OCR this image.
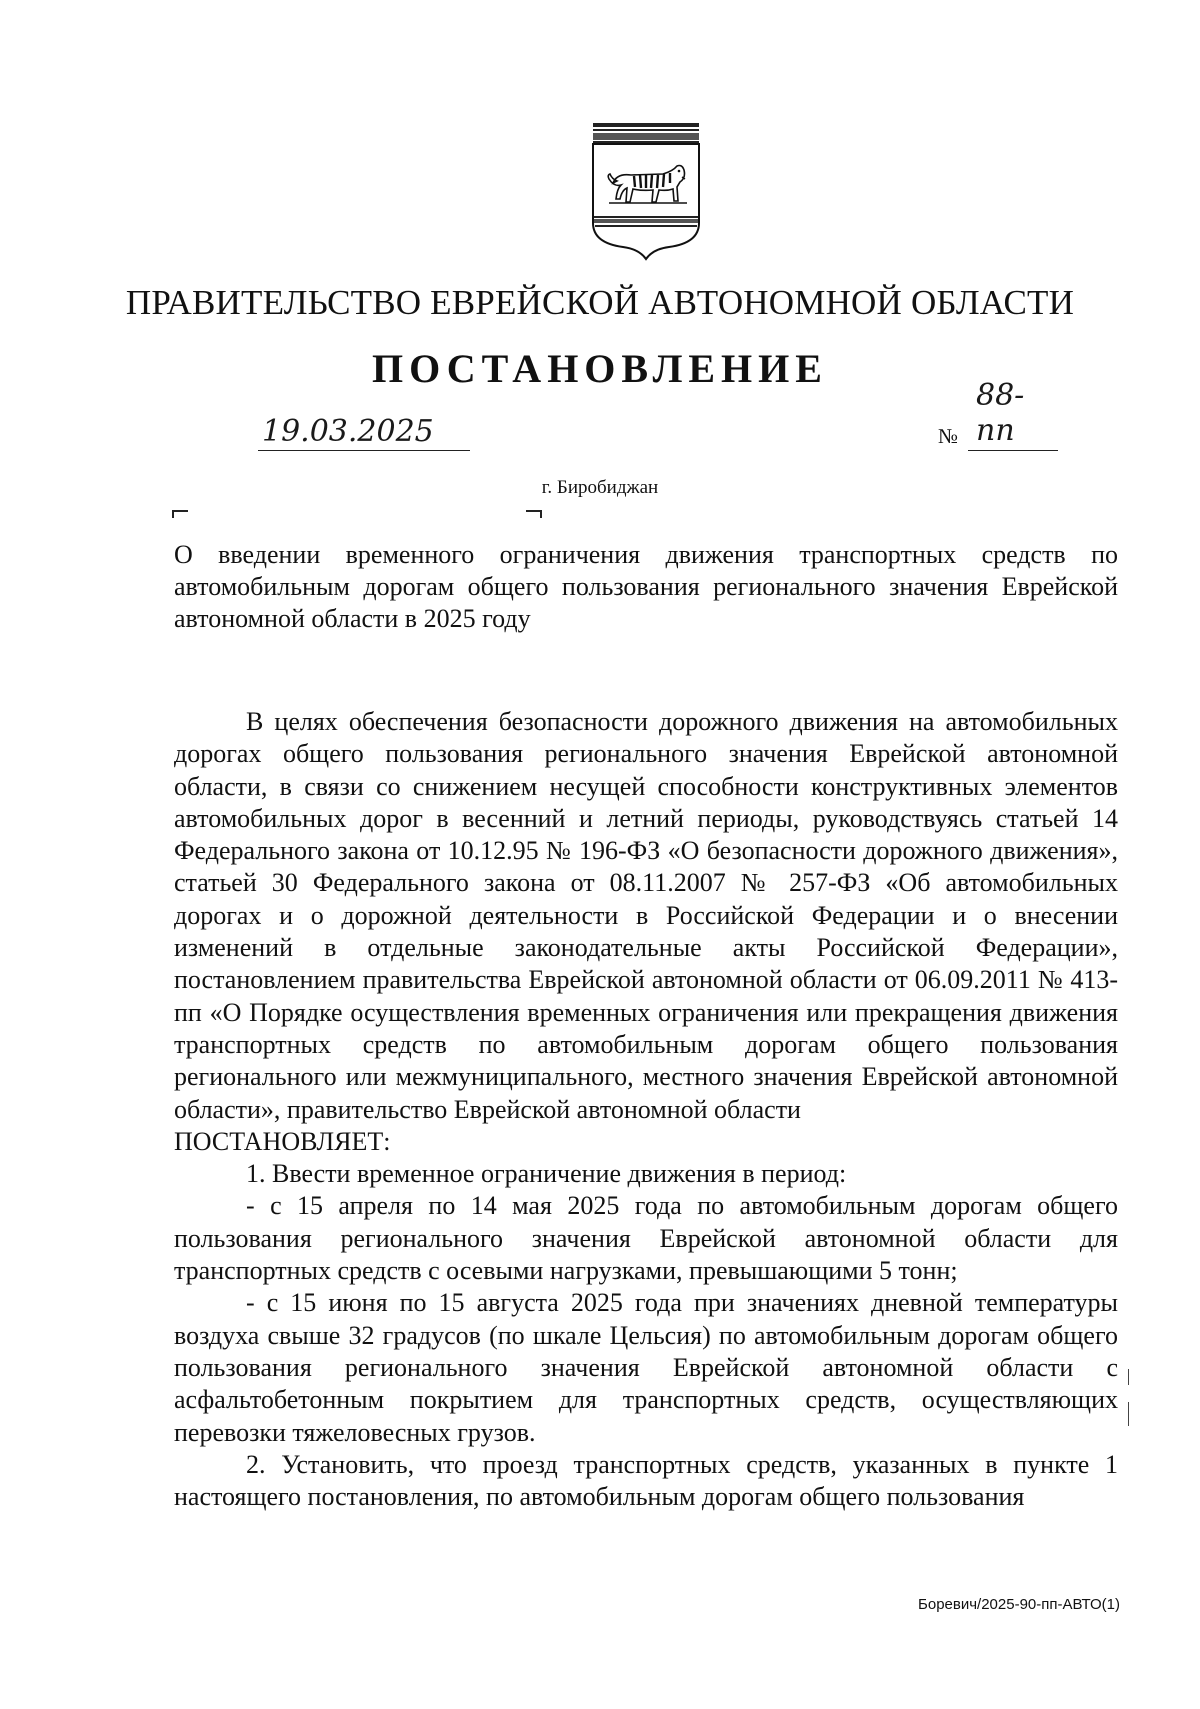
ПРАВИТЕЛЬСТВО ЕВРЕЙСКОЙ АВТОНОМНОЙ ОБЛАСТИ
ПОСТАНОВЛЕНИЕ
19.03.2025	№
88-пп
г. Биробиджан
О введении временного ограничения движения транспортных средств по автомобильным дорогам общего пользования регионального значения Еврейской автономной области в 2025 году

В целях обеспечения безопасности дорожного движения на автомобильных дорогах общего пользования регионального значения Еврейской автономной области, в связи со снижением несущей способности конструктивных элементов автомобильных дорог в весенний и летний периоды, руководствуясь статьей 14 Федерального закона от 10.12.95 № 196-ФЗ «О безопасности дорожного движения», статьей 30 Федерального закона от 08.11.2007 № 257-ФЗ «Об автомобильных дорогах и о дорожной деятельности в Российской Федерации и о внесении изменений в отдельные законодательные акты Российской Федерации», постановлением правительства Еврейской автономной области от 06.09.2011 № 413-пп «О Порядке осуществления временных ограничения или прекращения движения транспортных средств по автомобильным дорогам общего пользования регионального или межмуниципального, местного значения Еврейской автономной области», правительство Еврейской автономной области

ПОСТАНОВЛЯЕТ:

1. Ввести временное ограничение движения в период:

- с 15 апреля по 14 мая 2025 года по автомобильным дорогам общего пользования регионального значения Еврейской автономной области для транспортных средств с осевыми нагрузками, превышающими 5 тонн;

- с 15 июня по 15 августа 2025 года при значениях дневной температуры воздуха свыше 32 градусов (по шкале Цельсия) по автомобильным дорогам общего пользования регионального значения Еврейской автономной области с асфальтобетонным покрытием для транспортных средств, осуществляющих перевозки тяжеловесных грузов.

2. Установить, что проезд транспортных средств, указанных в пункте 1 настоящего постановления, по автомобильным дорогам общего пользования

Боревич/2025-90-пп-АВТО(1)
